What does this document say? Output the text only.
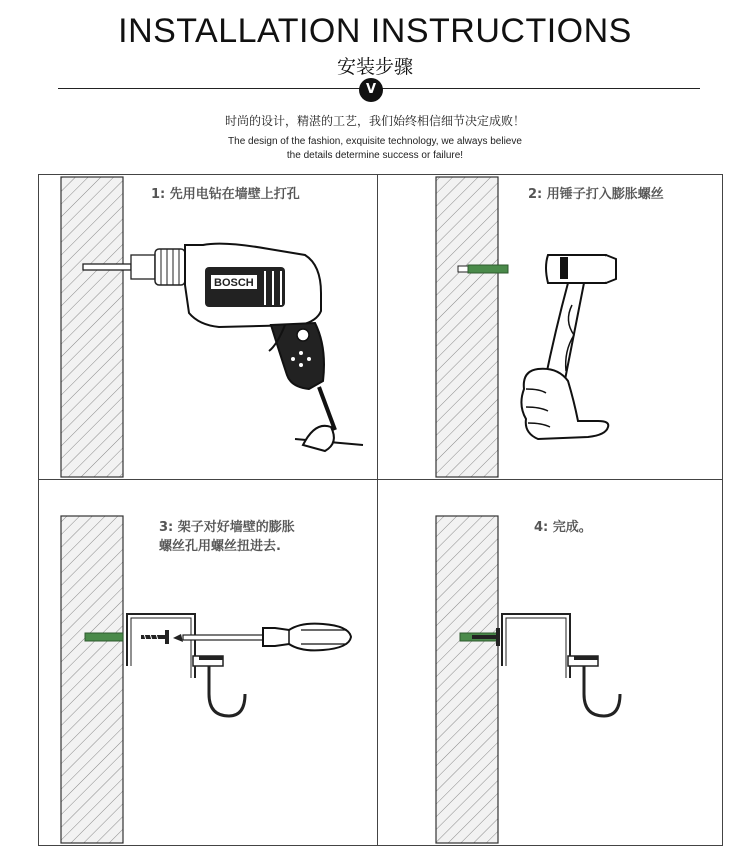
INSTALLATION INSTRUCTIONS
安装步骤
V
时尚的设计，精湛的工艺，我们始终相信细节决定成败！
The design of the fashion, exquisite technology, we always believe
the details determine success or failure!
BOSCH
1: 先用电钻在墙壁上打孔	2: 用锤子打入膨胀螺丝
3: 架子对好墙壁的膨胀
螺丝孔用螺丝扭进去.
4: 完成。
